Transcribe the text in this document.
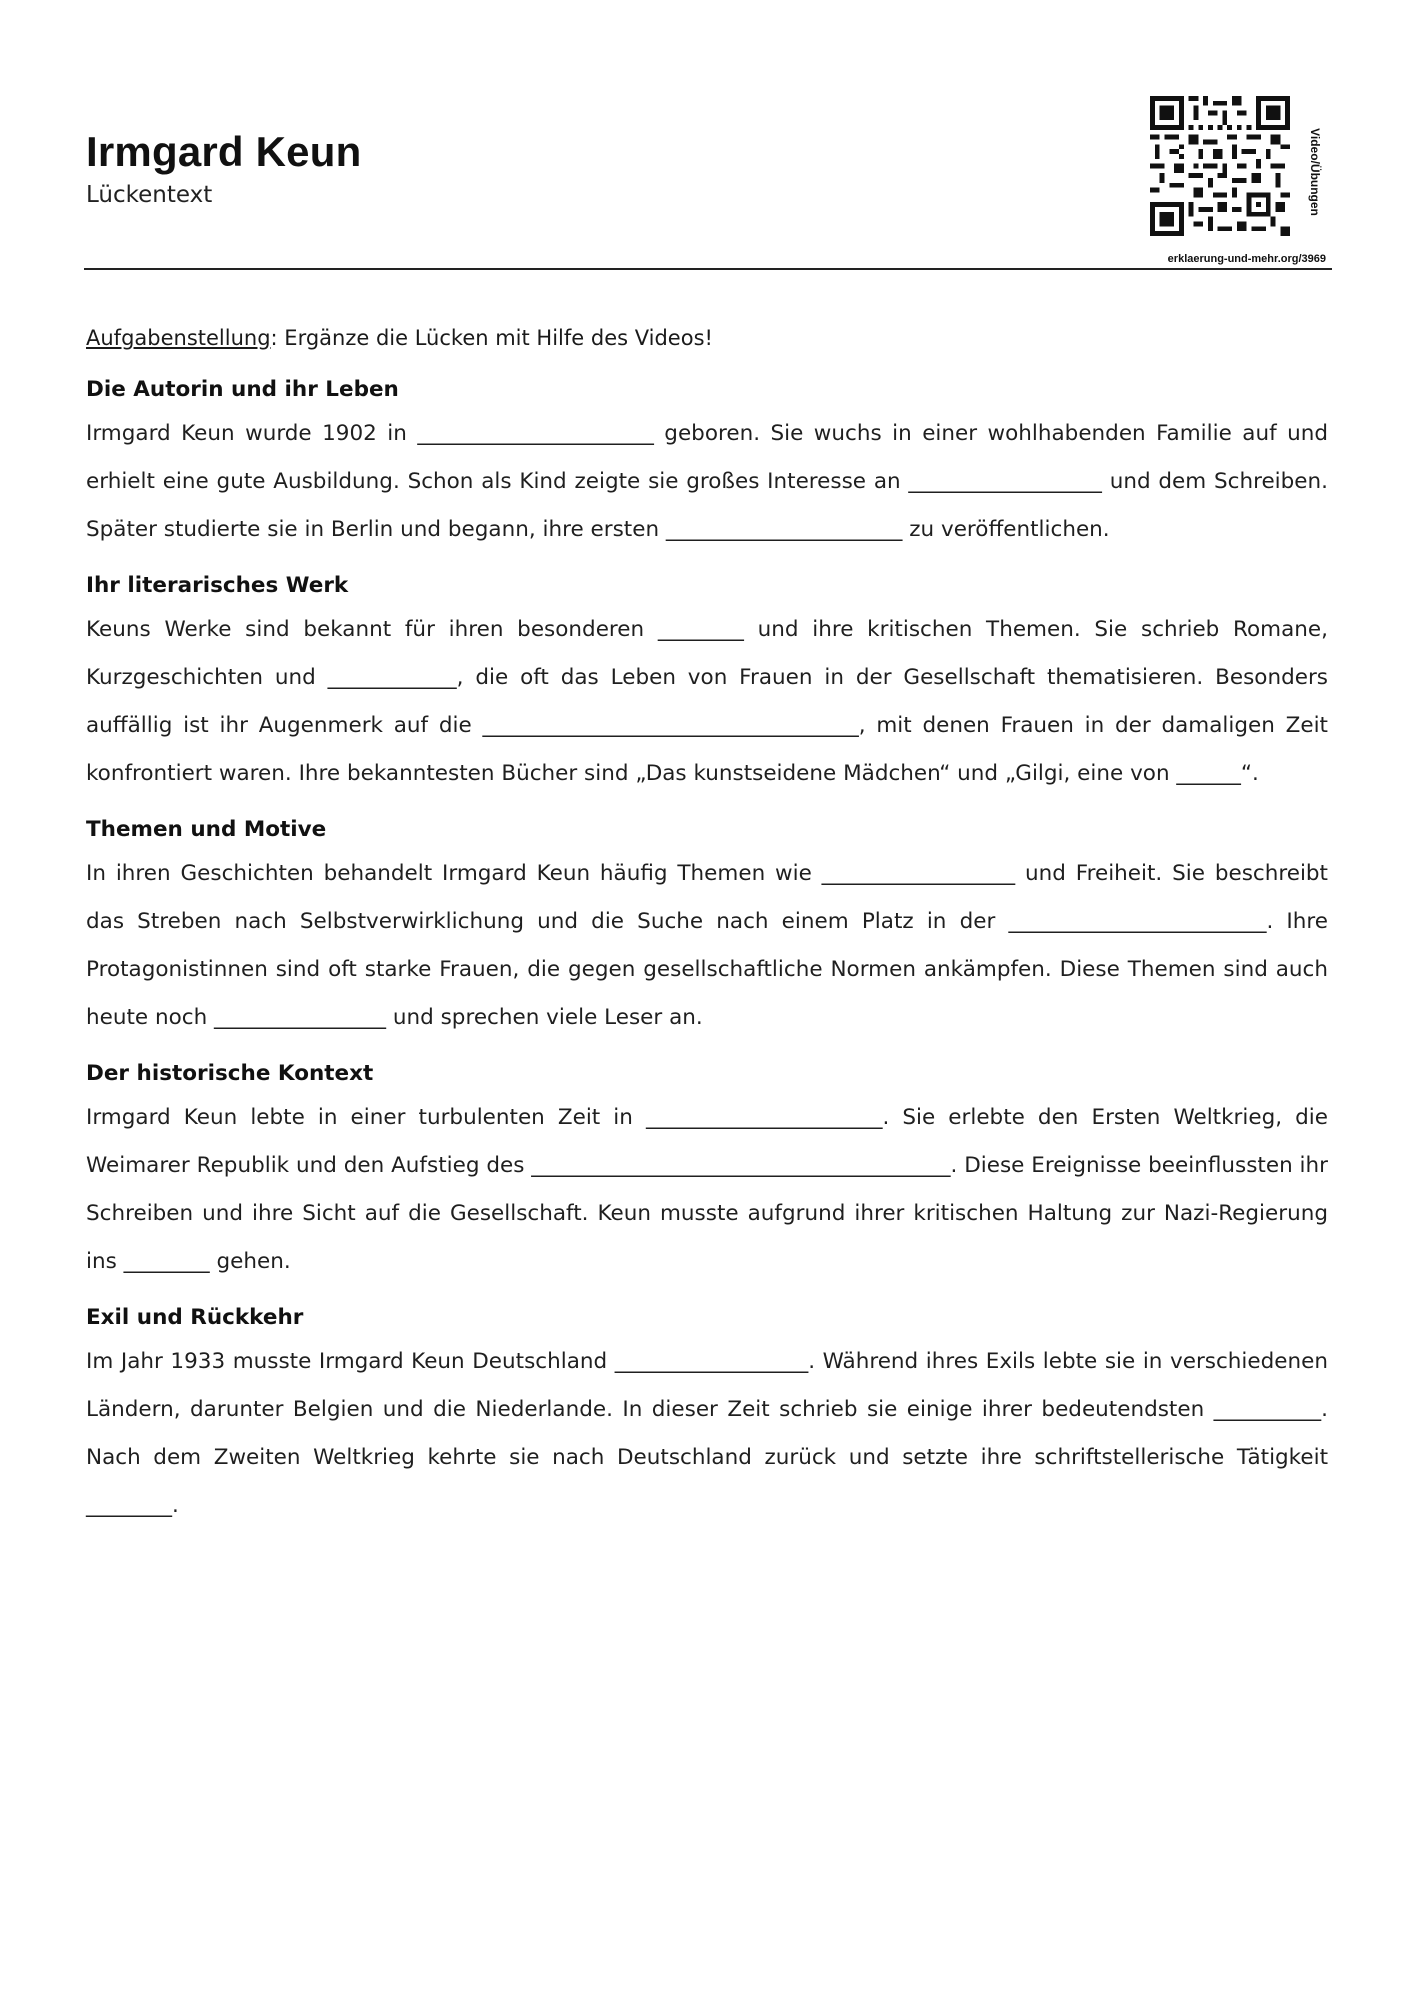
Irmgard Keun
Lückentext	Video/Übungen
erklaerung-und-mehr.org/3969
Aufgabenstellung: Ergänze die Lücken mit Hilfe des Videos!
Die Autorin und ihr Leben

Irmgard Keun wurde 1902 in ______________________ geboren. Sie wuchs in einer wohlhabenden Familie auf und erhielt eine gute Ausbildung. Schon als Kind zeigte sie großes Interesse an __________________ und dem Schreiben. Später studierte sie in Berlin und begann, ihre ersten ______________________ zu veröffentlichen.

Ihr literarisches Werk

Keuns Werke sind bekannt für ihren besonderen ________ und ihre kritischen Themen. Sie schrieb Romane, Kurzgeschichten und ____________, die oft das Leben von Frauen in der Gesellschaft thematisieren. Besonders auffällig ist ihr Augenmerk auf die ___________________________________, mit denen Frauen in der damaligen Zeit konfrontiert waren. Ihre bekanntesten Bücher sind „Das kunstseidene Mädchen“ und „Gilgi, eine von ______“.

Themen und Motive

In ihren Geschichten behandelt Irmgard Keun häufig Themen wie __________________ und Freiheit. Sie beschreibt das Streben nach Selbstverwirklichung und die Suche nach einem Platz in der ________________________. Ihre Protagonistinnen sind oft starke Frauen, die gegen gesellschaftliche Normen ankämpfen. Diese Themen sind auch heute noch ________________ und sprechen viele Leser an.

Der historische Kontext

Irmgard Keun lebte in einer turbulenten Zeit in ______________________. Sie erlebte den Ersten Weltkrieg, die Weimarer Republik und den Aufstieg des _______________________________________. Diese Ereignisse beeinflussten ihr Schreiben und ihre Sicht auf die Gesellschaft. Keun musste aufgrund ihrer kritischen Haltung zur Nazi-Regierung ins ________ gehen.

Exil und Rückkehr

Im Jahr 1933 musste Irmgard Keun Deutschland __________________. Während ihres Exils lebte sie in verschiedenen Ländern, darunter Belgien und die Niederlande. In dieser Zeit schrieb sie einige ihrer bedeutendsten __________. Nach dem Zweiten Weltkrieg kehrte sie nach Deutschland zurück und setzte ihre schriftstellerische Tätigkeit ________.
